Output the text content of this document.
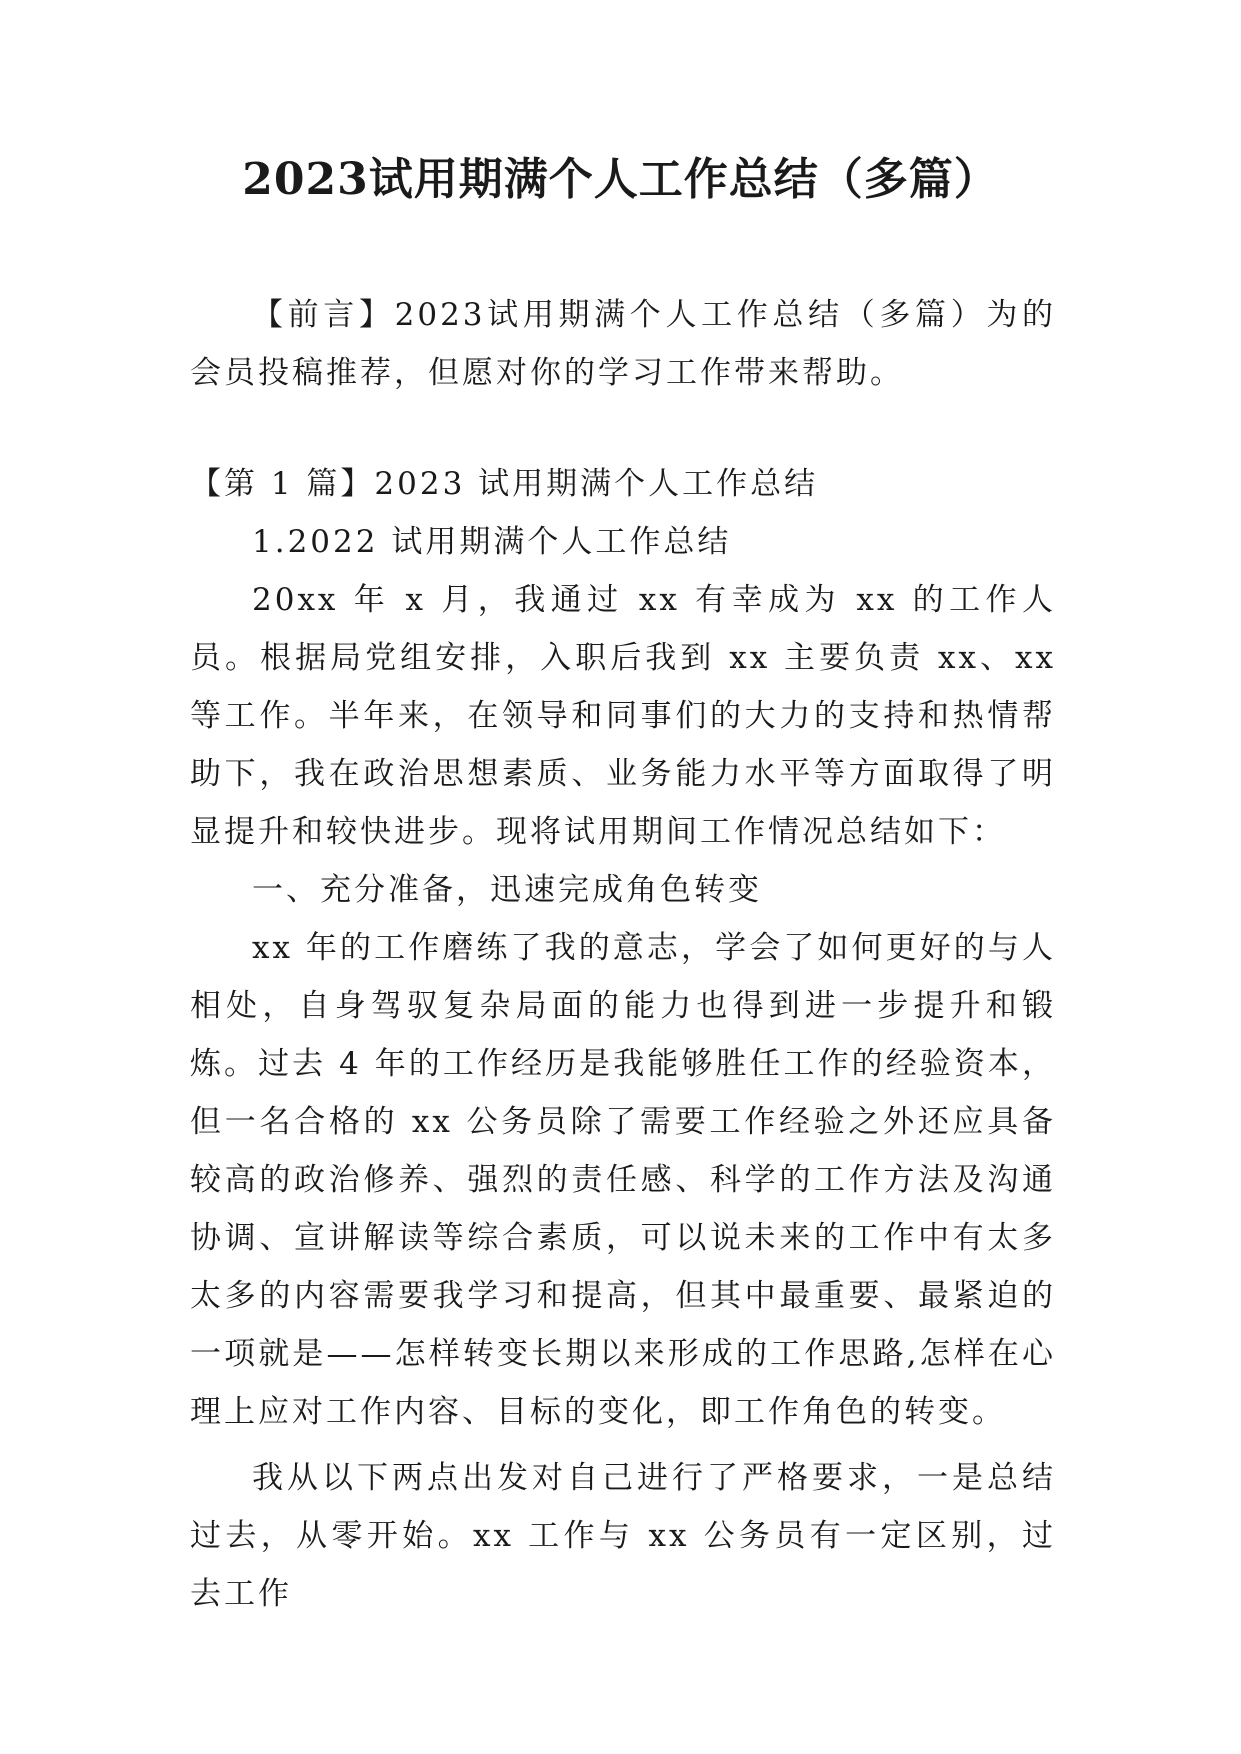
2023试用期满个人工作总结（多篇）
【前言】2023试用期满个人工作总结（多篇）为的会员投稿推荐，但愿对你的学习工作带来帮助。

【第 1 篇】2023 试用期满个人工作总结

1.2022 试用期满个人工作总结

20xx 年 x 月，我通过 xx 有幸成为 xx 的工作人员。根据局党组安排，入职后我到 xx 主要负责 xx、xx 等工作。半年来，在领导和同事们的大力的支持和热情帮助下，我在政治思想素质、业务能力水平等方面取得了明显提升和较快进步。现将试用期间工作情况总结如下：

一、充分准备，迅速完成角色转变

xx 年的工作磨练了我的意志，学会了如何更好的与人相处，自身驾驭复杂局面的能力也得到进一步提升和锻炼。过去 4 年的工作经历是我能够胜任工作的经验资本，但一名合格的 xx 公务员除了需要工作经验之外还应具备较高的政治修养、强烈的责任感、科学的工作方法及沟通协调、宣讲解读等综合素质，可以说未来的工作中有太多太多的内容需要我学习和提高，但其中最重要、最紧迫的一项就是——怎样转变长期以来形成的工作思路,怎样在心理上应对工作内容、目标的变化，即工作角色的转变。

我从以下两点出发对自己进行了严格要求，一是总结过去，从零开始。xx 工作与 xx 公务员有一定区别，过去工作
